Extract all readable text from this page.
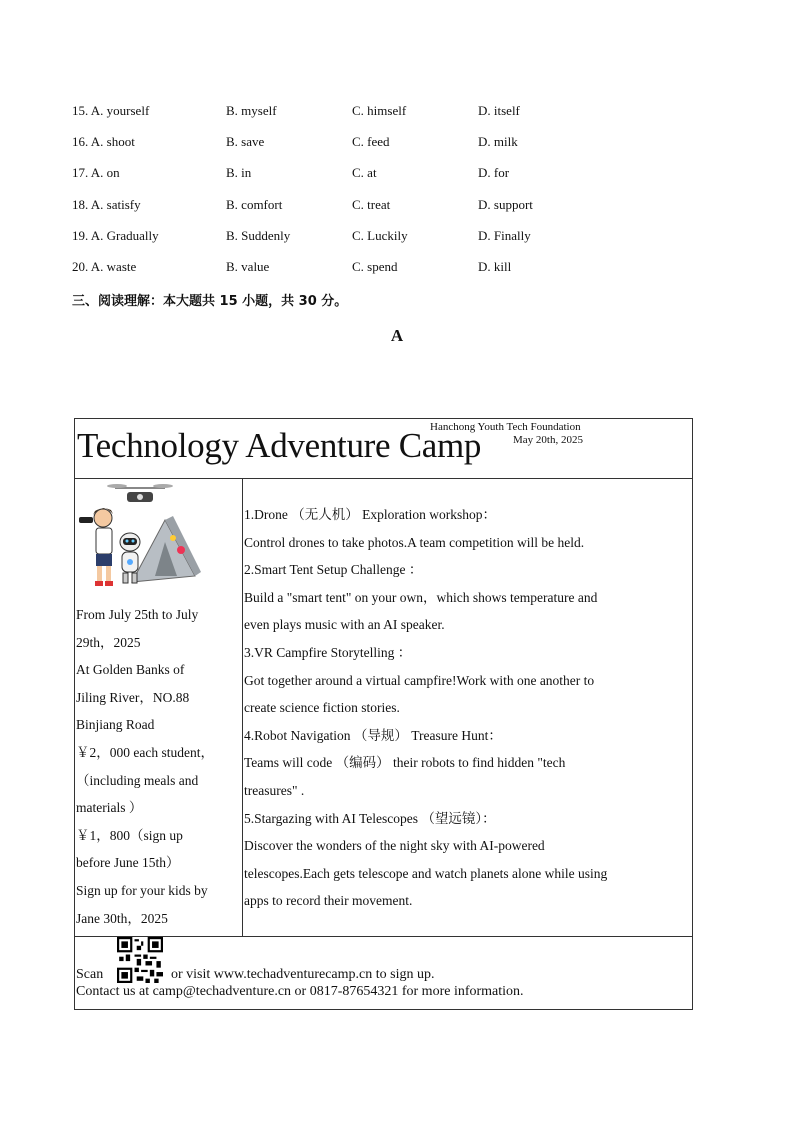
15. A. yourself	B. myself	C. himself	D. itself
16. A. shoot	B. save	C. feed	D. milk
17. A. on	B. in	C. at	D. for
18. A. satisfy	B. comfort	C. treat	D. support
19. A. Gradually	B. Suddenly	C. Luckily	D. Finally
20. A. waste	B. value	C. spend	D. kill
三、阅读理解：本大题共 15 小题，共 30 分。
A
Technology Adventure Camp
Hanchong Youth Tech Foundation
May 20th, 2025
From July 25th to July
29th，2025
At Golden Banks of
Jiling River，NO.88
Binjiang Road
￥2，000 each student，
（including meals and
materials ）
￥1，800（sign up
before June 15th）
Sign up for your kids by
Jane 30th，2025
1.Drone （无人机） Exploration workshop：
Control drones to take photos.A team competition will be held.
2.Smart Tent Setup Challenge ：
Build a "smart tent" on your own，which shows temperature and
even plays music with an AI speaker.
3.VR Campfire Storytelling ：
Got together around a virtual campfire!Work with one another to
create science fiction stories.
4.Robot Navigation （导规） Treasure Hunt：
Teams will code （编码） their robots to find hidden "tech
treasures" .
5.Stargazing with AI Telescopes （望远镜）：
Discover the wonders of the night sky with AI-powered
telescopes.Each gets telescope and watch planets alone while using
apps to record their movement.
Scan	or visit www.techadventurecamp.cn to sign up.
Contact us at camp@techadventure.cn or 0817-87654321 for more information.
